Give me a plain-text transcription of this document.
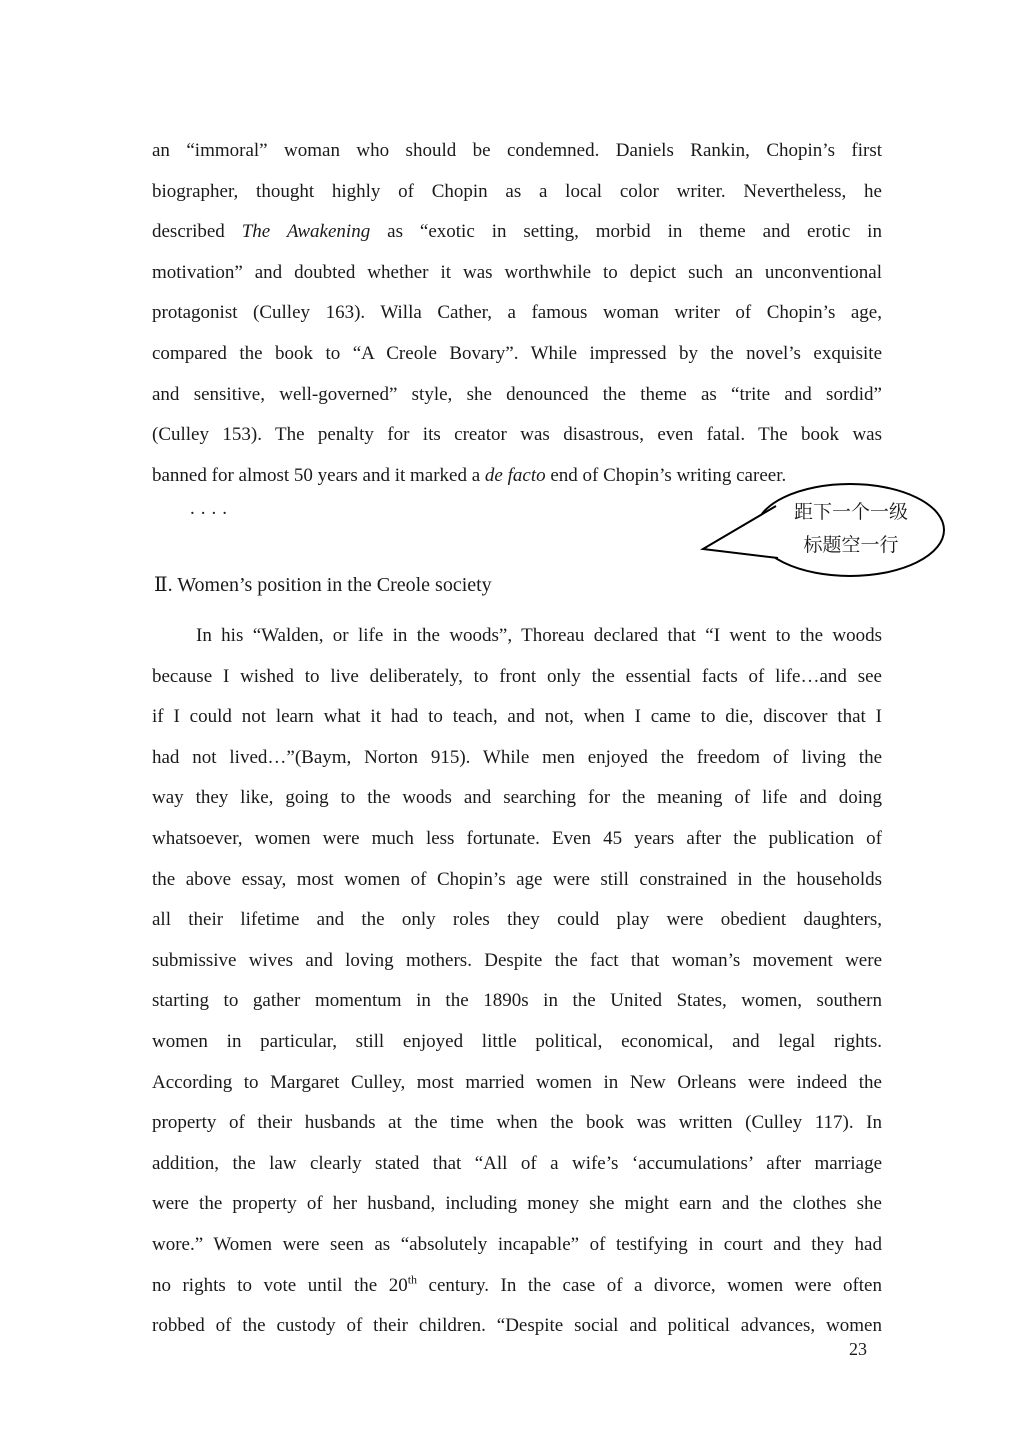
an “immoral” woman who should be condemned. Daniels Rankin, Chopin’s first
biographer, thought highly of Chopin as a local color writer. Nevertheless, he
described The Awakening as “exotic in setting, morbid in theme and erotic in
motivation” and doubted whether it was worthwhile to depict such an unconventional
protagonist (Culley 163). Willa Cather, a famous woman writer of Chopin’s age,
compared the book to “A Creole Bovary”. While impressed by the novel’s exquisite
and sensitive, well-governed” style, she denounced the theme as “trite and sordid”
(Culley 153). The penalty for its creator was disastrous, even fatal. The book was
banned for almost 50 years and it marked a de facto end of Chopin’s writing career.
....	距下一个一级
标题空一行
Ⅱ. Women’s position in the Creole society
In his “Walden, or life in the woods”, Thoreau declared that “I went to the woods
because I wished to live deliberately, to front only the essential facts of life…and see
if I could not learn what it had to teach, and not, when I came to die, discover that I
had not lived…”(Baym, Norton 915). While men enjoyed the freedom of living the
way they like, going to the woods and searching for the meaning of life and doing
whatsoever, women were much less fortunate. Even 45 years after the publication of
the above essay, most women of Chopin’s age were still constrained in the households
all their lifetime and the only roles they could play were obedient daughters,
submissive wives and loving mothers. Despite the fact that woman’s movement were
starting to gather momentum in the 1890s in the United States, women, southern
women in particular, still enjoyed little political, economical, and legal rights.
According to Margaret Culley, most married women in New Orleans were indeed the
property of their husbands at the time when the book was written (Culley 117). In
addition, the law clearly stated that “All of a wife’s ‘accumulations’ after marriage
were the property of her husband, including money she might earn and the clothes she
wore.” Women were seen as “absolutely incapable” of testifying in court and they had
no rights to vote until the 20th century. In the case of a divorce, women were often
robbed of the custody of their children. “Despite social and political advances, women
23
